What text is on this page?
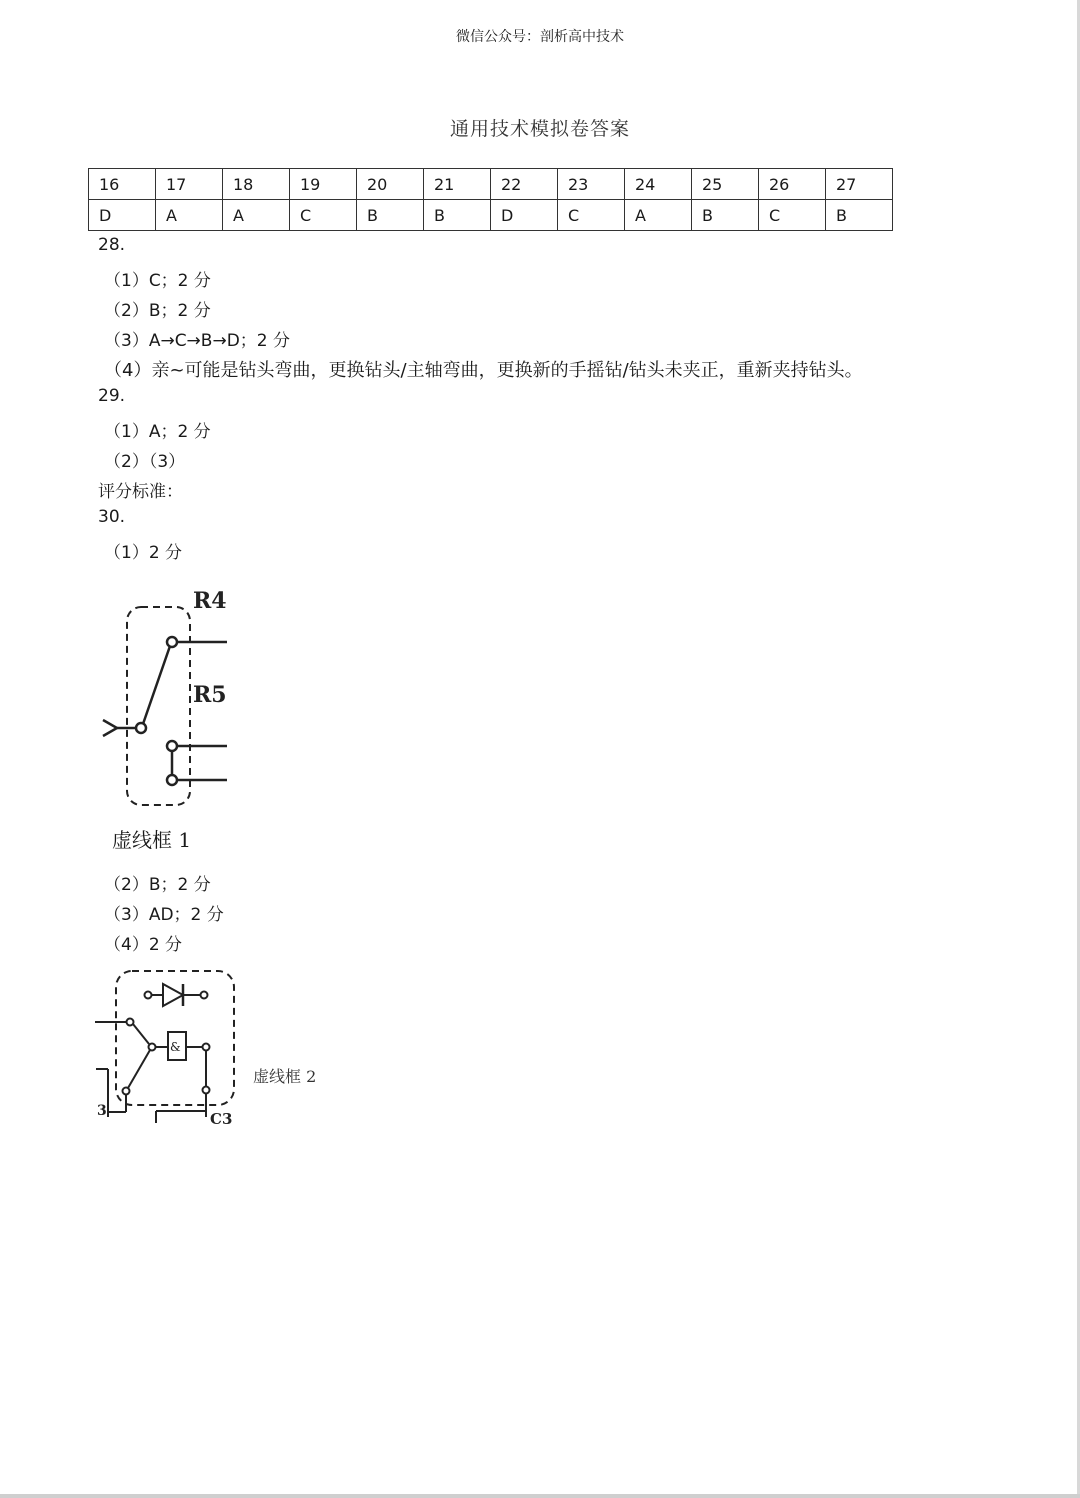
微信公众号：剖析高中技术
通用技术模拟卷答案
16	17	18	19	20	21	22	23	24	25	26	27
D	A	A	C	B	B	D	C	A	B	C	B
28.
（1）C；2 分
（2）B；2 分
（3）A→C→B→D；2 分
（4）亲~可能是钻头弯曲，更换钻头/主轴弯曲，更换新的手摇钻/钻头未夹正，重新夹持钻头。
29.
（1）A；2 分
（2）（3）
评分标准：
30.
（1）2 分
R4
R5
虚线框 1
（2）B；2 分
（3）AD；2 分
（4）2 分
&
3	C3
虚线框 2
